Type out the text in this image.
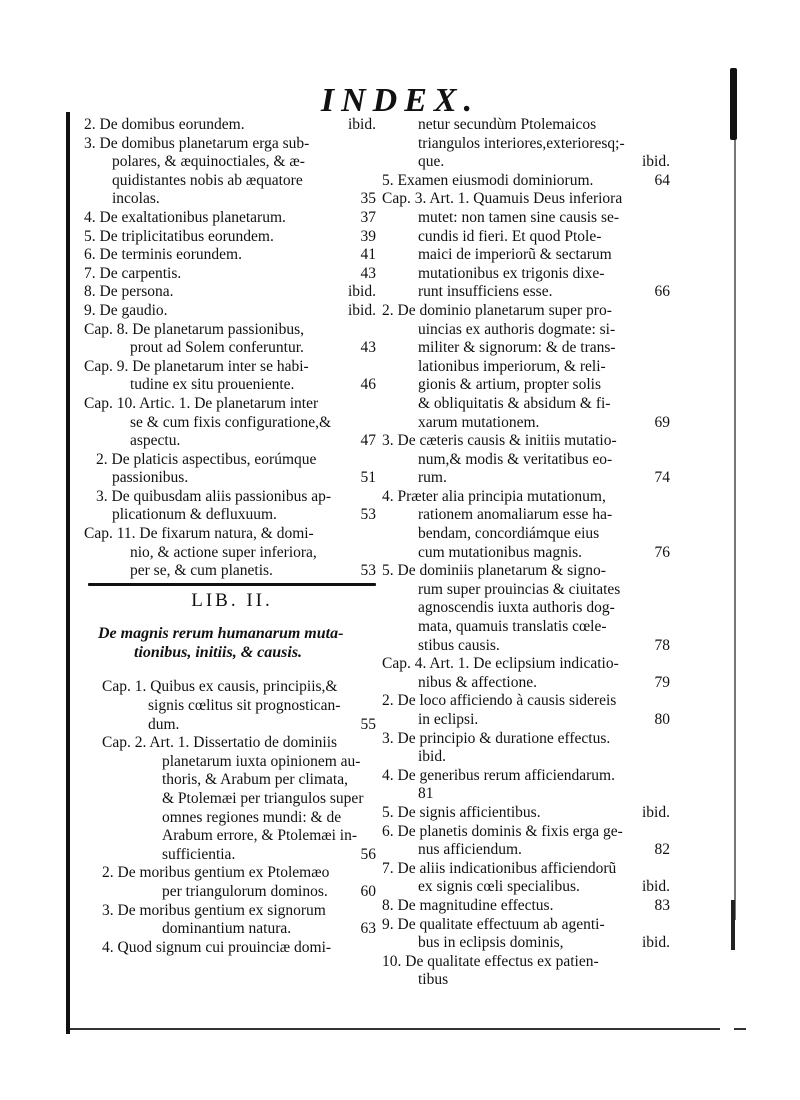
INDEX.
ibid.
2. De domibus eorundem.
3. De domibus planetarum erga sub-
polares, & æquinoctiales, & æ-
quidistantes nobis ab æquatore
35
incolas.
37
4. De exaltationibus planetarum.
39
5. De triplicitatibus eorundem.
41
6. De terminis eorundem.
43
7. De carpentis.
ibid.
8. De persona.
ibid.
9. De gaudio.
Cap. 8. De planetarum passionibus,
43
prout ad Solem conferuntur.
Cap. 9. De planetarum inter se habi-
46
tudine ex situ proueniente.
Cap. 10. Artic. 1. De planetarum inter
se & cum fixis configuratione,&
47
aspectu.
2. De platicis aspectibus, eorúmque
51
passionibus.
3. De quibusdam aliis passionibus ap-
53
plicationum & defluxuum.
Cap. 11. De fixarum natura, & domi-
nio, & actione super inferiora,
53
per se, & cum planetis.
LIB. II.
De magnis rerum humanarum muta-
tionibus, initiis, & causis.
Cap. 1. Quibus ex causis, principiis,&
signis cœlitus sit prognostican-
55
dum.
Cap. 2. Art. 1. Dissertatio de dominiis
planetarum iuxta opinionem au-
thoris, & Arabum per climata,
& Ptolemæi per triangulos super
omnes regiones mundi: & de
Arabum errore, & Ptolemæi in-
56
sufficientia.
2. De moribus gentium ex Ptolemæo
60
per triangulorum dominos.
3. De moribus gentium ex signorum
63
dominantium natura.
4. Quod signum cui prouinciæ domi-
netur secundùm Ptolemaicos
triangulos interiores,exterioresq;-
ibid.
que.
64
5. Examen eiusmodi dominiorum.
Cap. 3. Art. 1. Quamuis Deus inferiora
mutet: non tamen sine causis se-
cundis id fieri. Et quod Ptole-
maici de imperiorũ & sectarum
mutationibus ex trigonis dixe-
66
runt insufficiens esse.
2. De dominio planetarum super pro-
uincias ex authoris dogmate: si-
militer & signorum: & de trans-
lationibus imperiorum, & reli-
gionis & artium, propter solis
& obliquitatis & absidum & fi-
69
xarum mutationem.
3. De cæteris causis & initiis mutatio-
num,& modis & veritatibus eo-
74
rum.
4. Præter alia principia mutationum,
rationem anomaliarum esse ha-
bendam, concordiámque eius
76
cum mutationibus magnis.
5. De dominiis planetarum & signo-
rum super prouincias & ciuitates
agnoscendis iuxta authoris dog-
mata, quamuis translatis cœle-
78
stibus causis.
Cap. 4. Art. 1. De eclipsium indicatio-
79
nibus & affectione.
2. De loco afficiendo à causis sidereis
80
in eclipsi.
3. De principio & duratione effectus.
ibid.
4. De generibus rerum afficiendarum.
81
ibid.
5. De signis afficientibus.
6. De planetis dominis & fixis erga ge-
82
nus afficiendum.
7. De aliis indicationibus afficiendorũ
ibid.
ex signis cœli specialibus.
83
8. De magnitudine effectus.
9. De qualitate effectuum ab agenti-
ibid.
bus in eclipsis dominis,
10. De qualitate effectus ex patien-
tibus
